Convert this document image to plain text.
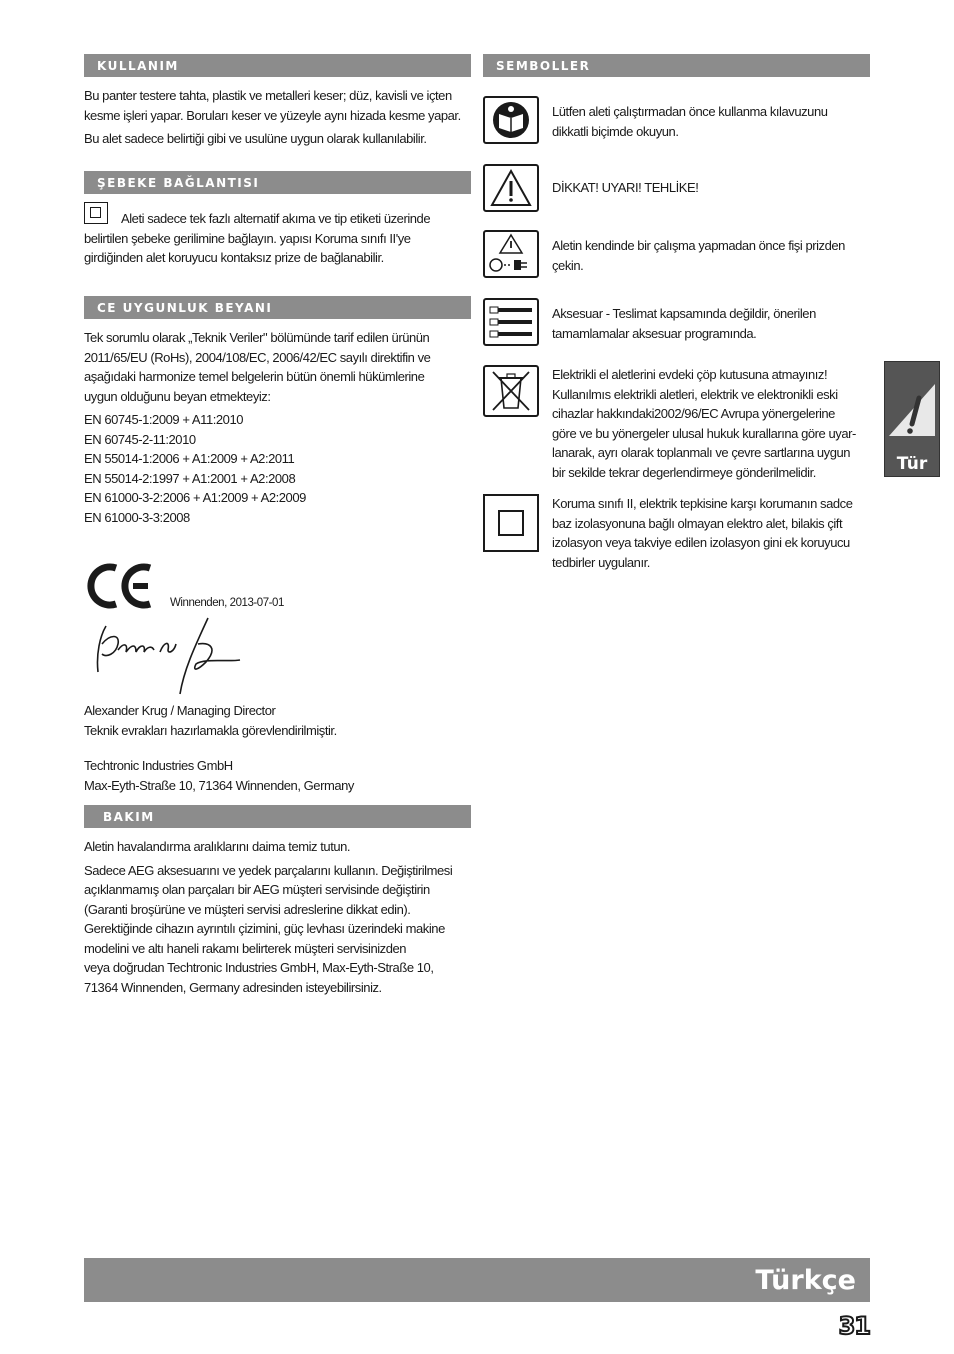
KULLANIM

Bu panter testere tahta, plastik ve metalleri keser; düz, kavisli ve içten
kesme işleri yapar. Boruları keser ve yüzeyle aynı hizada kesme yapar.

Bu alet sadece belirtiği gibi ve usulüne uygun olarak kullanılabilir.

ŞEBEKE BAĞLANTISI

Aleti sadece tek fazlı alternatif akıma ve tip etiketi üzerinde
belirtilen şebeke gerilimine bağlayın. yapısı Koruma sınıfı II'ye
girdiğinden alet koruyucu kontaksız prize de bağlanabilir.

CE UYGUNLUK BEYANI

Tek sorumlu olarak „Teknik Veriler" bölümünde tarif edilen ürünün
2011/65/EU (RoHs), 2004/108/EC, 2006/42/EC sayılı direktifin ve
aşağıdaki harmonize temel belgelerin bütün önemli hükümlerine
uygun olduğunu beyan etmekteyiz:

EN 60745-1:2009 + A11:2010
EN 60745-2-11:2010
EN 55014-1:2006 + A1:2009 + A2:2011
EN 55014-2:1997 + A1:2001 + A2:2008
EN 61000-3-2:2006 + A1:2009 + A2:2009
EN 61000-3-3:2008

Winnenden, 2013-07-01

Alexander Krug / Managing Director
Teknik evrakları hazırlamakla görevlendirilmiştir.

Techtronic Industries GmbH
Max-Eyth-Straße 10, 71364 Winnenden, Germany

BAKIM

Aletin havalandırma aralıklarını daima temiz tutun.

Sadece AEG aksesuarını ve yedek parçalarını kullanın. Değiştirilmesi
açıklanmamış olan parçaları bir AEG müşteri servisinde değiştirin
(Garanti broşürüne ve müşteri servisi adreslerine dikkat edin).
Gerektiğinde cihazın ayrıntılı çizimini, güç levhası üzerindeki makine
modelini ve altı haneli rakamı belirterek müşteri servisinizden
veya doğrudan Techtronic Industries GmbH, Max-Eyth-Straße 10,
71364 Winnenden, Germany adresinden isteyebilirsiniz.

SEMBOLLER

Lütfen aleti çalıştırmadan önce kullanma kılavuzunu
dikkatli biçimde okuyun.

DİKKAT! UYARI! TEHLİKE!

Aletin kendinde bir çalışma yapmadan önce fişi prizden
çekin.

Aksesuar - Teslimat kapsamında değildir, önerilen
tamamlamalar aksesuar programında.

Elektrikli el aletlerini evdeki çöp kutusuna atmayınız!
Kullanılmıs elektrikli aletleri, elektrik ve elektronikli eski
cihazlar hakkındaki2002/96/EC Avrupa yönergelerine
göre ve bu yönergeler ulusal hukuk kurallarına göre uyar-
lanarak, ayrı olarak toplanmalı ve çevre sartlarına uygun
bir sekilde tekrar degerlendirmeye gönderilmelidir.

Koruma sınıfı II, elektrik tepkisine karşı korumanın sadce
baz izolasyonuna bağlı olmayan elektro alet, bilakis çift
izolasyon veya takviye edilen izolasyon gini ek koruyucu
tedbirler uygulanır.

Tür
Türkçe
31
